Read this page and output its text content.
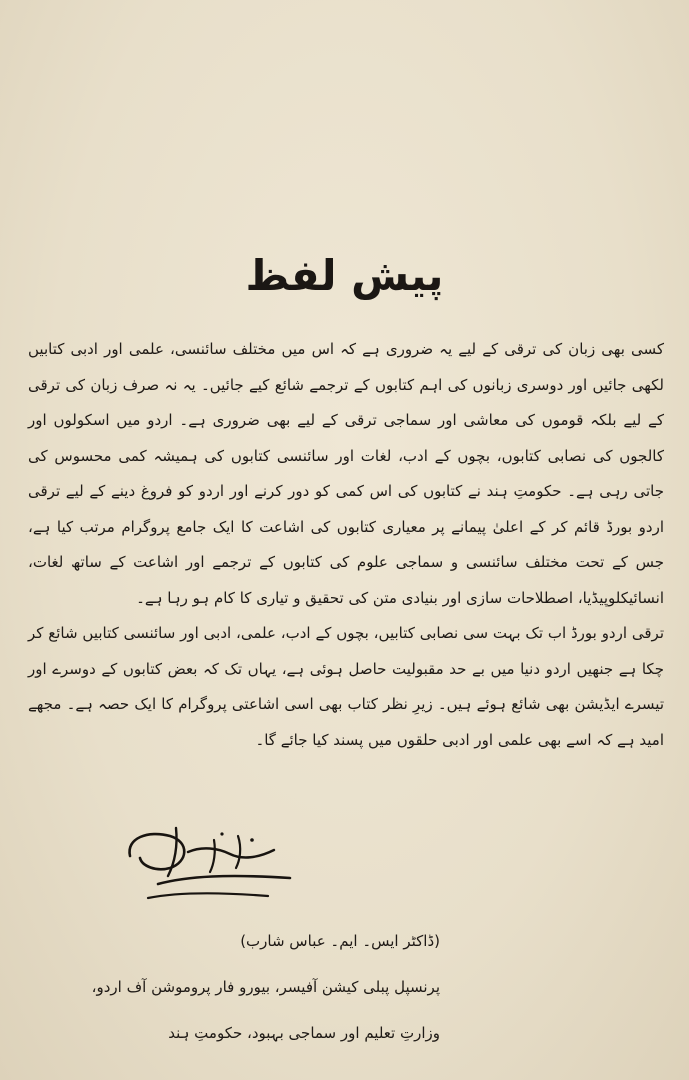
پیش لفظ

کسی بھی زبان کی ترقی کے لیے یہ ضروری ہے کہ اس میں مختلف سائنسی، علمی اور ادبی کتابیں لکھی جائیں اور دوسری زبانوں کی اہم کتابوں کے ترجمے شائع کیے جائیں۔ یہ نہ صرف زبان کی ترقی کے لیے بلکہ قوموں کی معاشی اور سماجی ترقی کے لیے بھی ضروری ہے۔ اردو میں اسکولوں اور کالجوں کی نصابی کتابوں، بچوں کے ادب، لغات اور سائنسی کتابوں کی ہمیشہ کمی محسوس کی جاتی رہی ہے۔ حکومتِ ہند نے کتابوں کی اس کمی کو دور کرنے اور اردو کو فروغ دینے کے لیے ترقی اردو بورڈ قائم کر کے اعلیٰ پیمانے پر معیاری کتابوں کی اشاعت کا ایک جامع پروگرام مرتب کیا ہے، جس کے تحت مختلف سائنسی و سماجی علوم کی کتابوں کے ترجمے اور اشاعت کے ساتھ لغات، انسائیکلوپیڈیا، اصطلاحات سازی اور بنیادی متن کی تحقیق و تیاری کا کام ہو رہا ہے۔

ترقی اردو بورڈ اب تک بہت سی نصابی کتابیں، بچوں کے ادب، علمی، ادبی اور سائنسی کتابیں شائع کر چکا ہے جنھیں اردو دنیا میں بے حد مقبولیت حاصل ہوئی ہے، یہاں تک کہ بعض کتابوں کے دوسرے اور تیسرے ایڈیشن بھی شائع ہوئے ہیں۔ زیرِ نظر کتاب بھی اسی اشاعتی پروگرام کا ایک حصہ ہے۔ مجھے امید ہے کہ اسے بھی علمی اور ادبی حلقوں میں پسند کیا جائے گا۔

(ڈاکٹر ایس۔ ایم۔ عباس شارب)
پرنسپل پبلی کیشن آفیسر، بیورو فار پروموشن آف اردو،
وزارتِ تعلیم اور سماجی بہبود، حکومتِ ہند
